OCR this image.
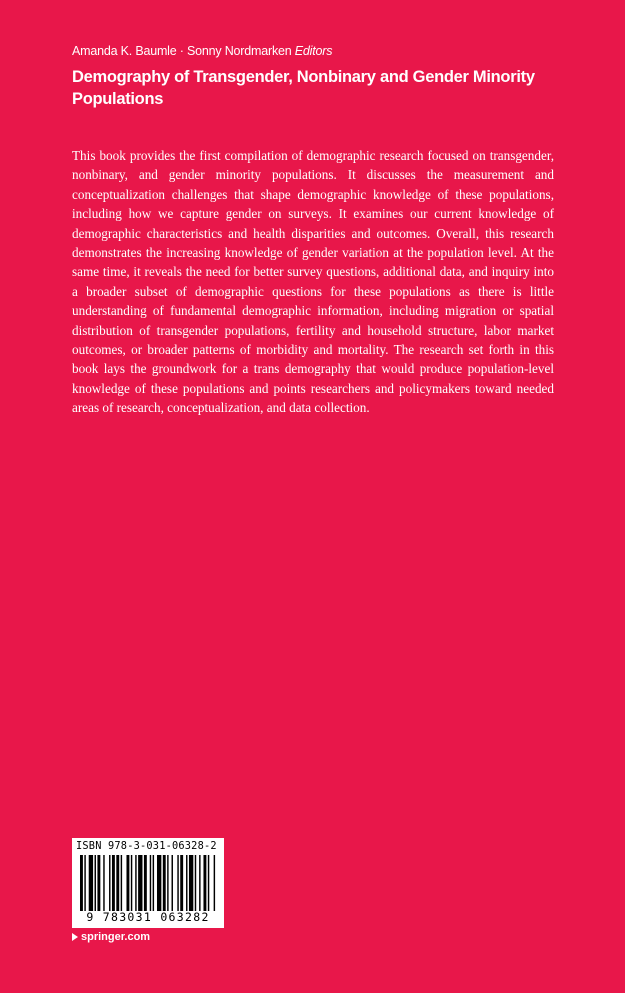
Amanda K. Baumle · Sonny Nordmarken Editors
Demography of Transgender, Nonbinary and Gender Minority Populations

This book provides the first compilation of demographic research focused on transgender, nonbinary, and gender minority populations. It discusses the measurement and conceptualization challenges that shape demographic knowledge of these populations, including how we capture gender on surveys. It examines our current knowledge of demographic characteristics and health disparities and outcomes. Overall, this research demonstrates the increasing knowledge of gender variation at the population level. At the same time, it reveals the need for better survey questions, additional data, and inquiry into a broader subset of demographic questions for these populations as there is little understanding of fundamental demographic information, including migration or spatial distribution of transgender populations, fertility and household structure, labor market outcomes, or broader patterns of morbidity and mortality. The research set forth in this book lays the groundwork for a trans demography that would produce population-level knowledge of these populations and points researchers and policymakers toward needed areas of research, conceptualization, and data collection.

ISBN 978-3-031-06328-2
9 783031 063282
springer.com
